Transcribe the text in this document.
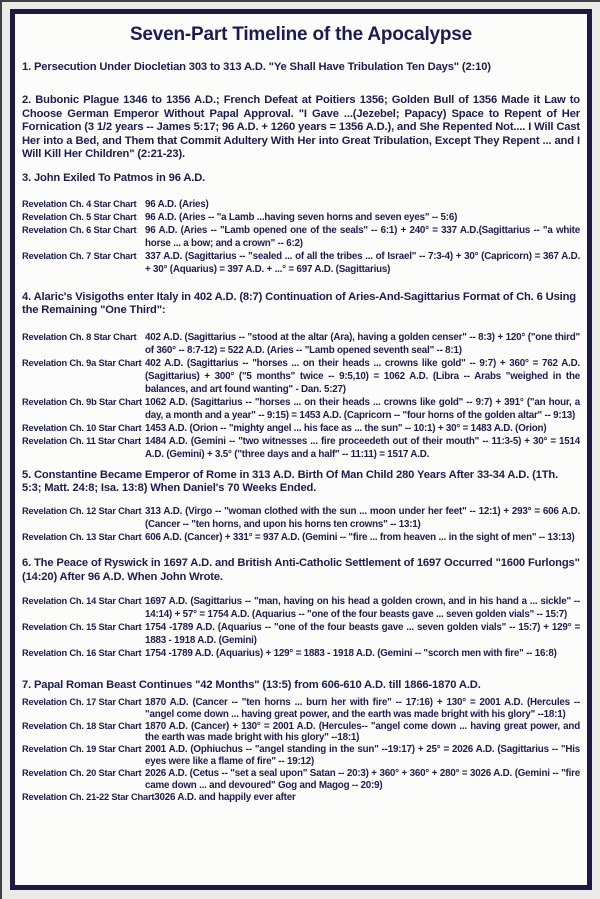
Seven-Part Timeline of the Apocalypse

1. Persecution Under Diocletian 303 to 313 A.D. "Ye Shall Have Tribulation Ten Days" (2:10)

2. Bubonic Plague 1346 to 1356 A.D.; French Defeat at Poitiers 1356; Golden Bull of 1356 Made it Law to Choose German Emperor Without Papal Approval. "I Gave ...(Jezebel; Papacy) Space to Repent of Her Fornication (3 1/2 years -- James 5:17; 96 A.D. + 1260 years = 1356 A.D.), and She Repented Not.... I Will Cast Her into a Bed, and Them that Commit Adultery With Her into Great Tribulation, Except They Repent ... and I Will Kill Her Children" (2:21-23).

3. John Exiled To Patmos in 96 A.D.

Revelation Ch. 4 Star Chart 96 A.D. (Aries)
Revelation Ch. 5 Star Chart 96 A.D. (Aries -- "a Lamb ...having seven horns and seven eyes" -- 5:6)
Revelation Ch. 6 Star Chart 96 A.D. (Aries -- "Lamb opened one of the seals" -- 6:1) + 240° = 337 A.D.(Sagittarius -- "a white horse ... a bow; and a crown" -- 6:2)
Revelation Ch. 7 Star Chart 337 A.D. (Sagittarius -- "sealed ... of all the tribes ... of Israel" -- 7:3-4) + 30° (Capricorn) = 367 A.D. + 30° (Aquarius) = 397 A.D. + ...° = 697 A.D. (Sagittarius)

4. Alaric's Visigoths enter Italy in 402 A.D. (8:7) Continuation of Aries-And-Sagittarius Format of Ch. 6 Using the Remaining "One Third":

Revelation Ch. 8 Star Chart 402 A.D. (Sagittarius -- "stood at the altar (Ara), having a golden censer" -- 8:3) + 120° ("one third" of 360° -- 8:7-12) = 522 A.D. (Aries -- "Lamb opened seventh seal" -- 8:1)
Revelation Ch. 9a Star Chart 402 A.D. (Sagittarius -- "horses ... on their heads ... crowns like gold" -- 9:7) + 360° = 762 A.D. (Sagittarius) + 300° ("5 months" twice -- 9:5,10) = 1062 A.D. (Libra -- Arabs "weighed in the balances, and art found wanting" - Dan. 5:27)
Revelation Ch. 9b Star Chart 1062 A.D. (Sagittarius -- "horses ... on their heads ... crowns like gold" -- 9:7) + 391° ("an hour, a day, a month and a year" -- 9:15) = 1453 A.D. (Capricorn -- "four horns of the golden altar" -- 9:13)
Revelation Ch. 10 Star Chart 1453 A.D. (Orion -- "mighty angel ... his face as ... the sun" -- 10:1) + 30° = 1483 A.D. (Orion)
Revelation Ch. 11 Star Chart 1484 A.D. (Gemini -- "two witnesses ... fire proceedeth out of their mouth" -- 11:3-5) + 30° = 1514 A.D. (Gemini) + 3.5° ("three days and a half" -- 11:11) = 1517 A.D.

5. Constantine Became Emperor of Rome in 313 A.D. Birth Of Man Child 280 Years After 33-34 A.D. (1Th. 5:3; Matt. 24:8; Isa. 13:8) When Daniel's 70 Weeks Ended.

Revelation Ch. 12 Star Chart 313 A.D. (Virgo -- "woman clothed with the sun ... moon under her feet" -- 12:1) + 293° = 606 A.D. (Cancer -- "ten horns, and upon his horns ten crowns" -- 13:1)
Revelation Ch. 13 Star Chart 606 A.D. (Cancer) + 331° = 937 A.D. (Gemini -- "fire ... from heaven ... in the sight of men" -- 13:13)

6. The Peace of Ryswick in 1697 A.D. and British Anti-Catholic Settlement of 1697 Occurred "1600 Furlongs" (14:20) After 96 A.D. When John Wrote.

Revelation Ch. 14 Star Chart 1697 A.D. (Sagittarius -- "man, having on his head a golden crown, and in his hand a ... sickle" -- 14:14) + 57° = 1754 A.D. (Aquarius -- "one of the four beasts gave ... seven golden vials" -- 15:7)
Revelation Ch. 15 Star Chart 1754 -1789 A.D. (Aquarius -- "one of the four beasts gave ... seven golden vials" -- 15:7) + 129° = 1883 - 1918 A.D. (Gemini)
Revelation Ch. 16 Star Chart 1754 -1789 A.D. (Aquarius) + 129° = 1883 - 1918 A.D. (Gemini -- "scorch men with fire" -- 16:8)

7. Papal Roman Beast Continues "42 Months" (13:5) from 606-610 A.D. till 1866-1870 A.D.

Revelation Ch. 17 Star Chart 1870 A.D. (Cancer -- "ten horns ... burn her with fire" -- 17:16) + 130° = 2001 A.D. (Hercules -- "angel come down ... having great power, and the earth was made bright with his glory" --18:1)
Revelation Ch. 18 Star Chart 1870 A.D. (Cancer) + 130° = 2001 A.D. (Hercules-- "angel come down ... having great power, and the earth was made bright with his glory" --18:1)
Revelation Ch. 19 Star Chart 2001 A.D. (Ophiuchus -- "angel standing in the sun" --19:17) + 25° = 2026 A.D. (Sagittarius -- "His eyes were like a flame of fire" -- 19:12)
Revelation Ch. 20 Star Chart 2026 A.D. (Cetus -- "set a seal upon" Satan -- 20:3) + 360° + 360° + 280° = 3026 A.D. (Gemini -- "fire came down ... and devoured" Gog and Magog -- 20:9)
Revelation Ch. 21-22 Star Chart 3026 A.D. and happily ever after
